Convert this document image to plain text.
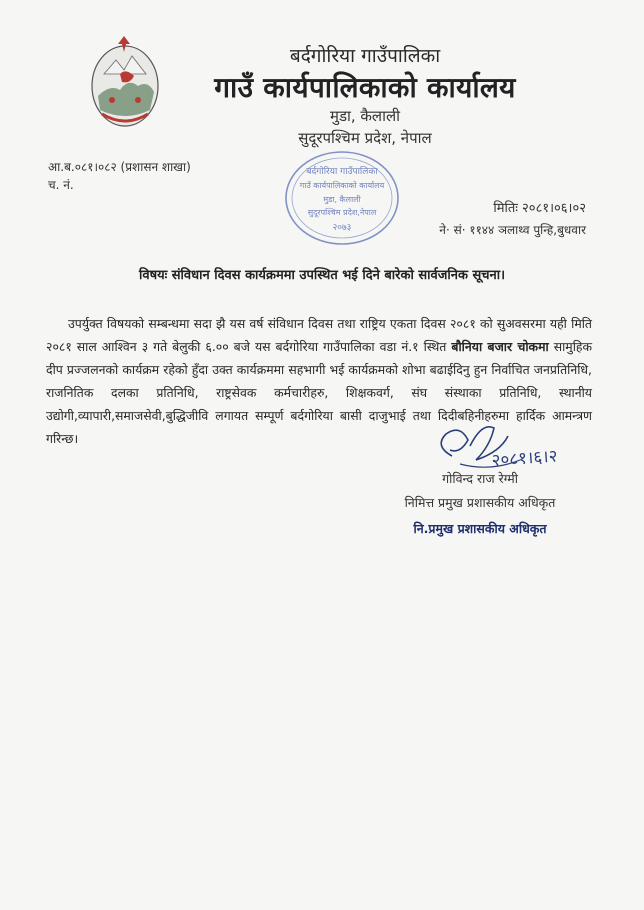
बर्दगोरिया गाउँपालिका
गाउँ कार्यपालिकाको कार्यालय
मुडा, कैलाली
सुदूरपश्चिम प्रदेश, नेपाल
आ.ब.०८१।०८२ (प्रशासन शाखा)
च. नं.
बर्दगोरिया गाउँपालिका
गाउँ कार्यपालिकाको कार्यालय
मुडा, कैलाली
सुदूरपश्चिम प्रदेश,नेपाल
२०७३
मितिः २०८१।०६।०२
ने· सं· ११४४ ञलाथ्व पुन्हि,बुधवार
विषयः संविधान दिवस कार्यक्रममा उपस्थित भई दिने बारेको सार्वजनिक सूचना।
उपर्युक्त विषयको सम्बन्धमा सदा झै यस वर्ष संविधान दिवस तथा राष्ट्रिय एकता दिवस २०८१ को सुअवसरमा यही मिति २०८१ साल आश्विन ३ गते बेलुकी ६.०० बजे यस बर्दगोरिया गाउँपालिका वडा नं.१ स्थित बौनिया बजार चोकमा सामुहिक दीप प्रज्जलनको कार्यक्रम रहेको हुँदा उक्त कार्यक्रममा सहभागी भई कार्यक्रमको शोभा बढाईदिनु हुन निर्वाचित जनप्रतिनिधि, राजनितिक दलका प्रतिनिधि, राष्ट्रसेवक कर्मचारीहरु, शिक्षकवर्ग, संघ संस्थाका प्रतिनिधि, स्थानीय उद्योगी,व्यापारी,समाजसेवी,बुद्धिजीवि लगायत सम्पूर्ण बर्दगोरिया बासी दाजुभाई तथा दिदीबहिनीहरुमा हार्दिक आमन्त्रण गरिन्छ।
२०८१।६।२
गोविन्द राज रेग्मी
निमित्त प्रमुख प्रशासकीय अधिकृत
नि.प्रमुख प्रशासकीय अधिकृत
